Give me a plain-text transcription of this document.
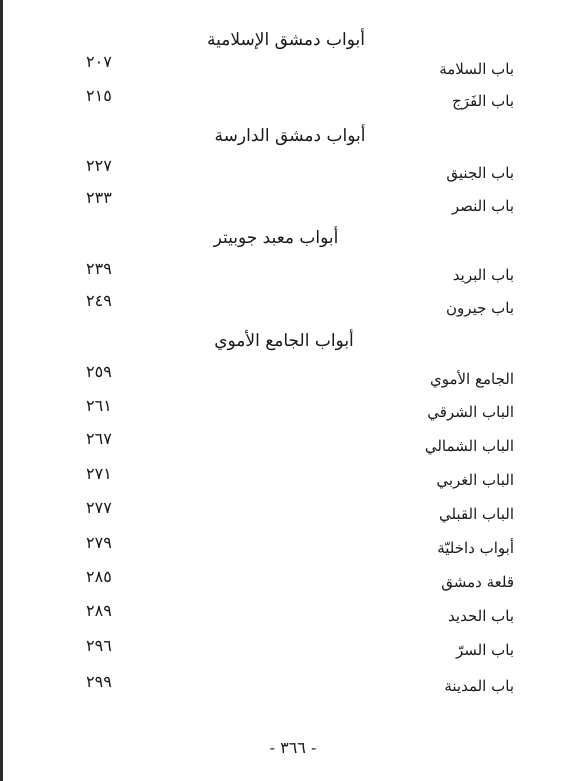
أبواب دمشق الإسلامية
باب السلامة
٢٠٧
باب الفَرَج
٢١٥
أبواب دمشق الدارسة
باب الجنيق
٢٢٧
باب النصر
٢٣٣
أبواب معبد جوبيتر
باب البريد
٢٣٩
باب جيرون
٢٤٩
أبواب الجامع الأموي
الجامع الأموي
٢٥٩
الباب الشرقي
٢٦١
الباب الشمالي
٢٦٧
الباب الغربي
٢٧١
الباب القبلي
٢٧٧
أبواب داخليّة
٢٧٩
قلعة دمشق
٢٨٥
باب الحديد
٢٨٩
باب السرّ
٢٩٦
باب المدينة
٢٩٩
- ٣٦٦ -
